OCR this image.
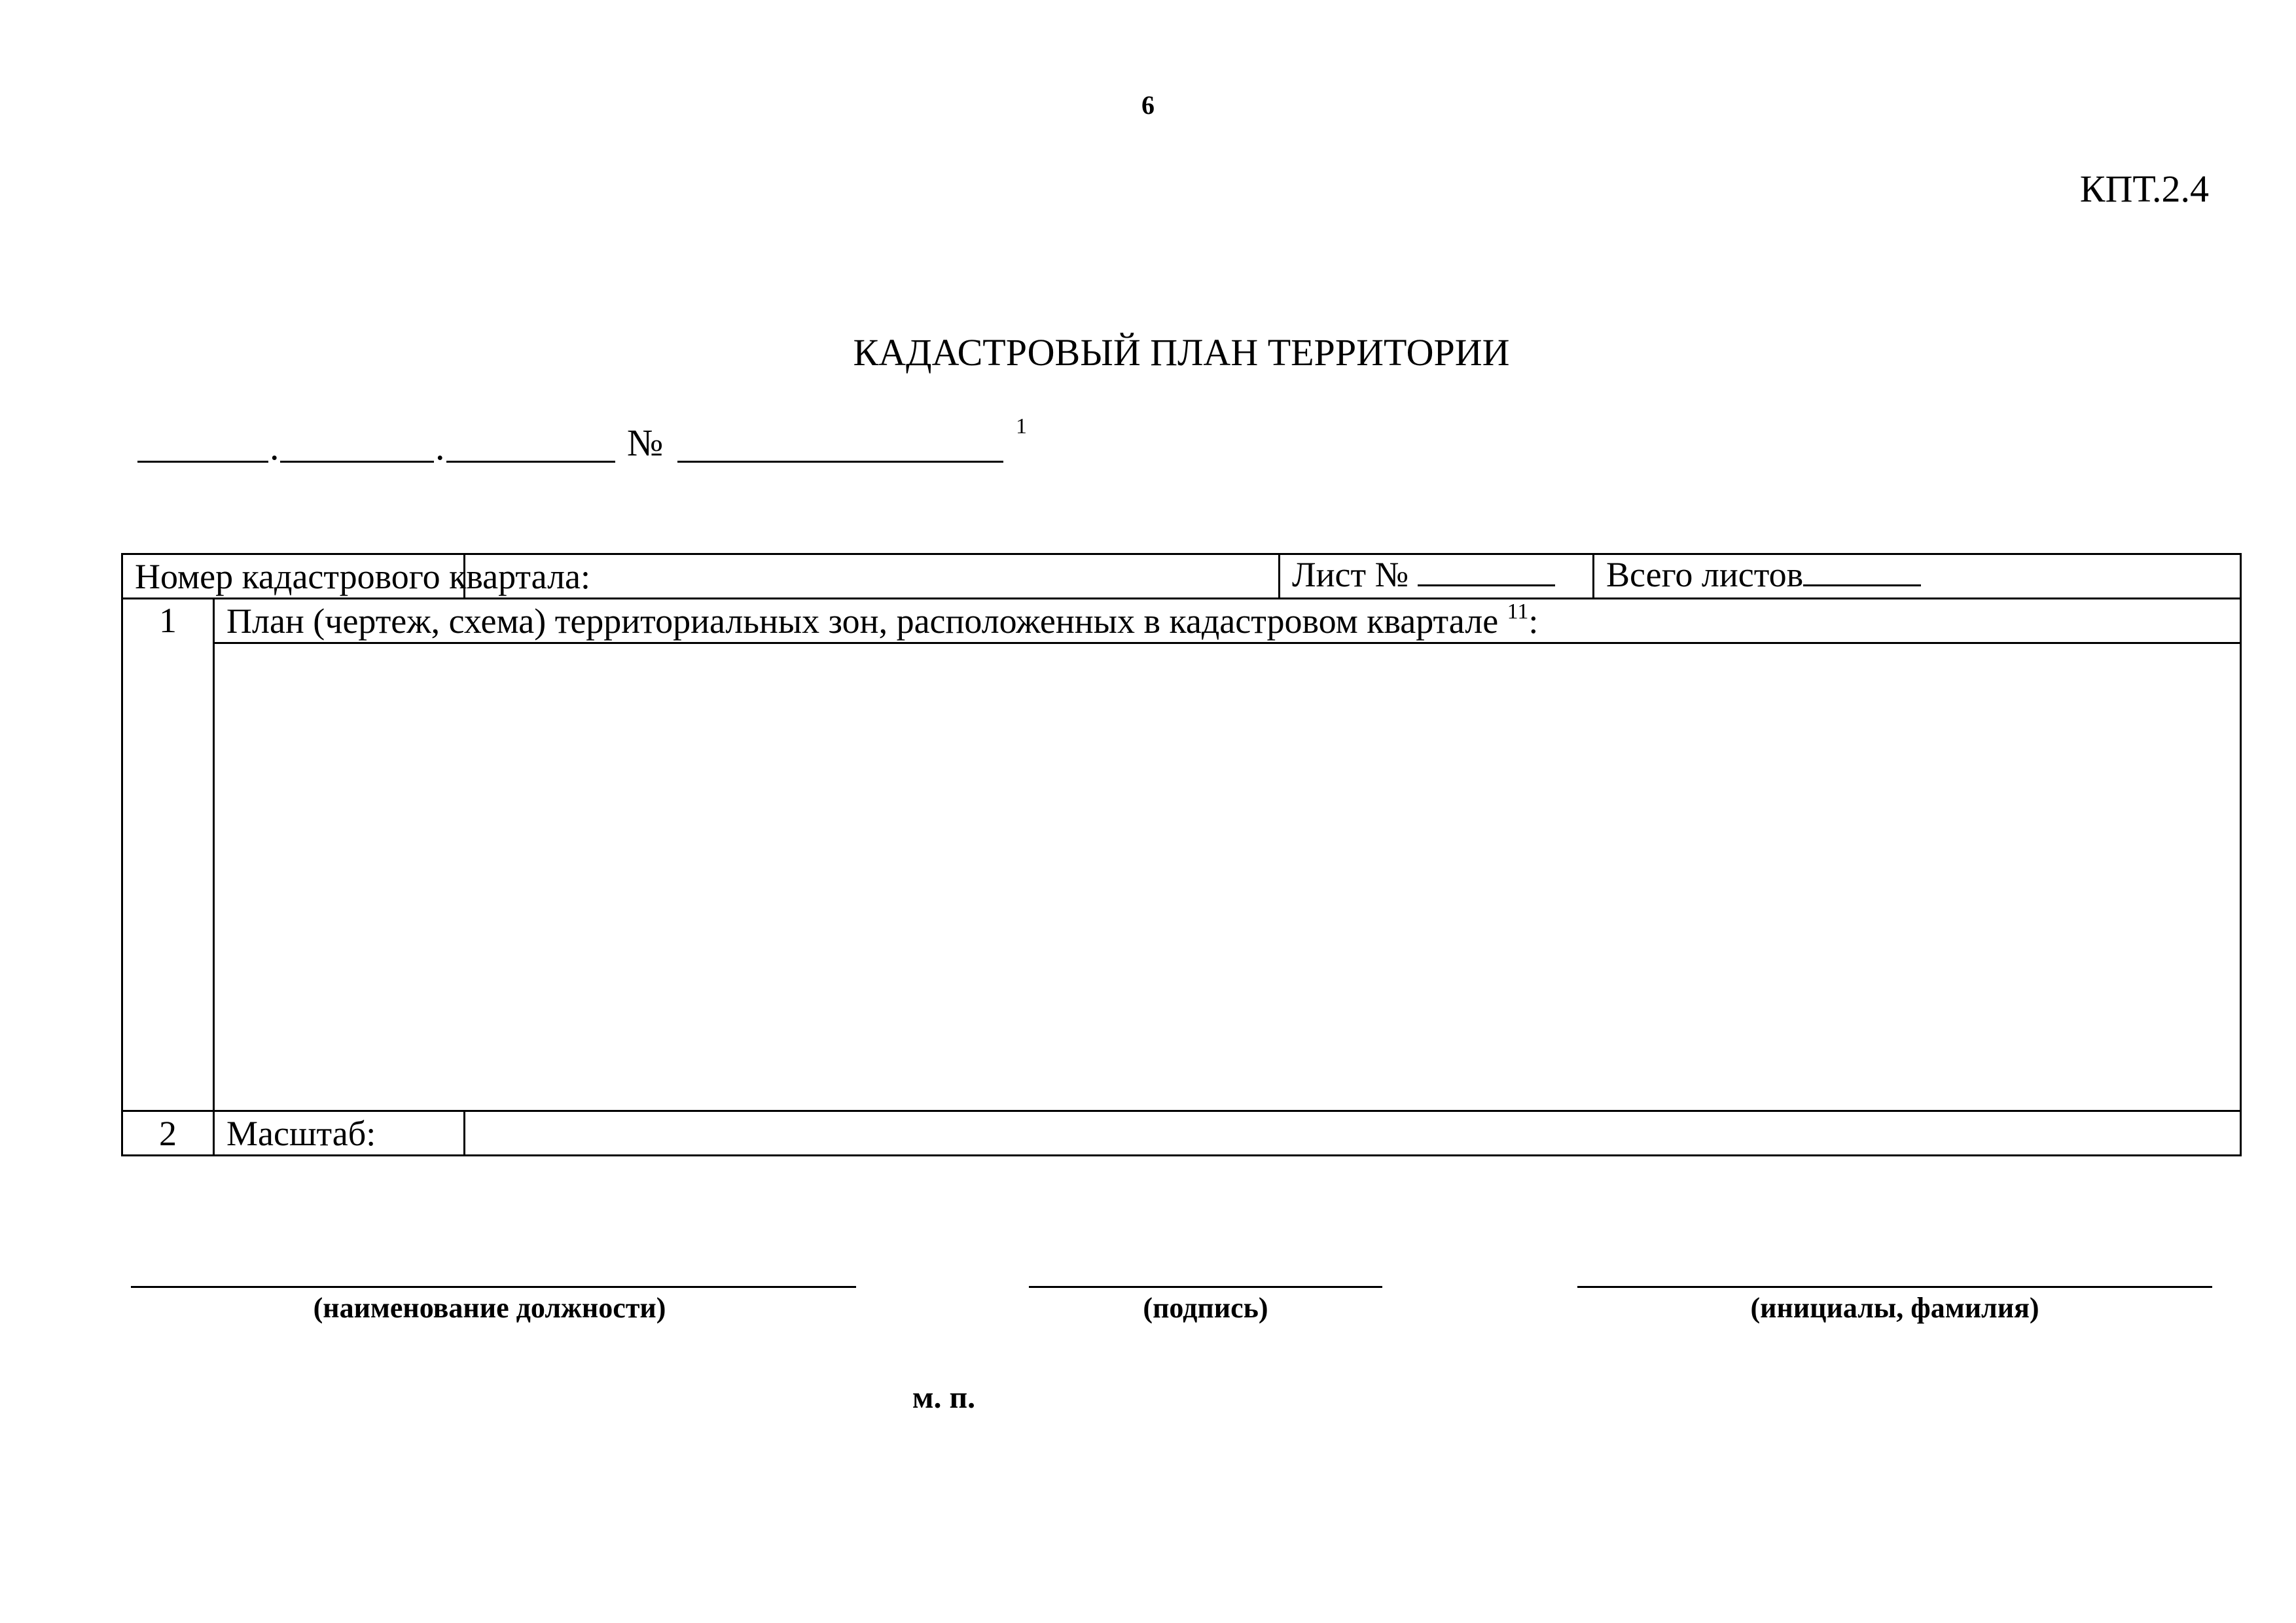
6
КПТ.2.4
КАДАСТРОВЫЙ ПЛАН ТЕРРИТОРИИ
.	.	№	1
Номер кадастрового квартала:			Лист № Всего листов

1	План (чертеж, схема) территориальных зон, расположенных в кадастровом квартале $^{11}$:		

2	Масштаб:		
(наименование должности)	(подпись)	(инициалы, фамилия)
м. п.
